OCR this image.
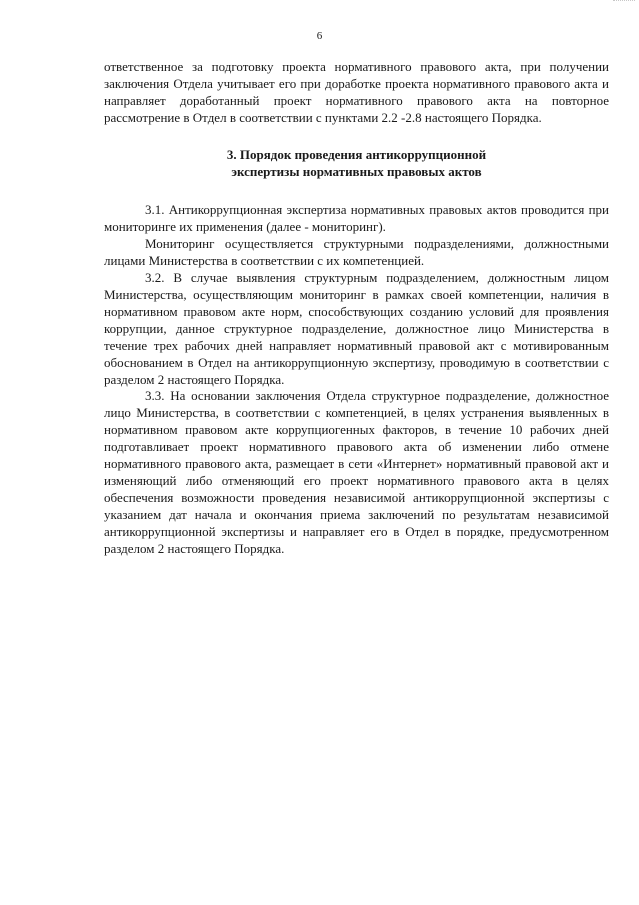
6

ответственное за подготовку проекта нормативного правового акта, при получении заключения Отдела учитывает его при доработке проекта нормативного правового акта и направляет доработанный проект нормативного правового акта на повторное рассмотрение в Отдел в соответствии с пунктами 2.2 -2.8 настоящего Порядка.

3. Порядок проведения антикоррупционной
экспертизы нормативных правовых актов

3.1. Антикоррупционная экспертиза нормативных правовых актов проводится при мониторинге их применения (далее - мониторинг).

Мониторинг осуществляется структурными подразделениями, должностными лицами Министерства в соответствии с их компетенцией.

3.2. В случае выявления структурным подразделением, должностным лицом Министерства, осуществляющим мониторинг в рамках своей компетенции, наличия в нормативном правовом акте норм, способствующих созданию условий для проявления коррупции, данное структурное подразделение, должностное лицо Министерства в течение трех рабочих дней направляет нормативный правовой акт с мотивированным обоснованием в Отдел на антикоррупционную экспертизу, проводимую в соответствии с разделом 2 настоящего Порядка.

3.3. На основании заключения Отдела структурное подразделение, должностное лицо Министерства, в соответствии с компетенцией, в целях устранения выявленных в нормативном правовом акте коррупциогенных факторов, в течение 10 рабочих дней подготавливает проект нормативного правового акта об изменении либо отмене нормативного правового акта, размещает в сети «Интернет» нормативный правовой акт и изменяющий либо отменяющий его проект нормативного правового акта в целях обеспечения возможности проведения независимой антикоррупционной экспертизы с указанием дат начала и окончания приема заключений по результатам независимой антикоррупционной экспертизы и направляет его в Отдел в порядке, предусмотренном разделом 2 настоящего Порядка.
